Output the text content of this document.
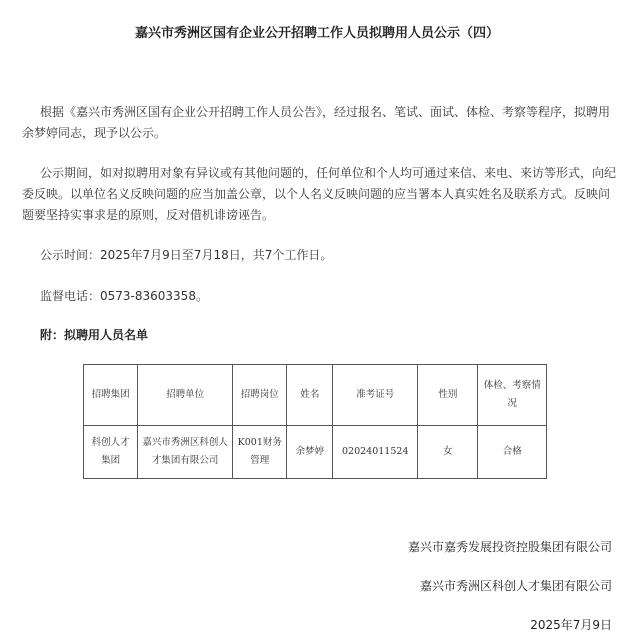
嘉兴市秀洲区国有企业公开招聘工作人员拟聘用人员公示（四）
根据《嘉兴市秀洲区国有企业公开招聘工作人员公告》，经过报名、笔试、面试、体检、考察等程序，拟聘用余梦婷同志，现予以公示。
公示期间，如对拟聘用对象有异议或有其他问题的，任何单位和个人均可通过来信、来电、来访等形式，向纪委反映。以单位名义反映问题的应当加盖公章，以个人名义反映问题的应当署本人真实姓名及联系方式。反映问题要坚持实事求是的原则，反对借机诽谤诬告。
公示时间：2025年7月9日至7月18日，共7个工作日。
监督电话：0573-83603358。
附：拟聘用人员名单
招聘集团	招聘单位	招聘岗位	姓名	准考证号	性别	体检、考察情况
科创人才集团	嘉兴市秀洲区科创人才集团有限公司	K001财务管理	余梦婷	02024011524	女	合格
嘉兴市嘉秀发展投资控股集团有限公司
嘉兴市秀洲区科创人才集团有限公司
2025年7月9日
